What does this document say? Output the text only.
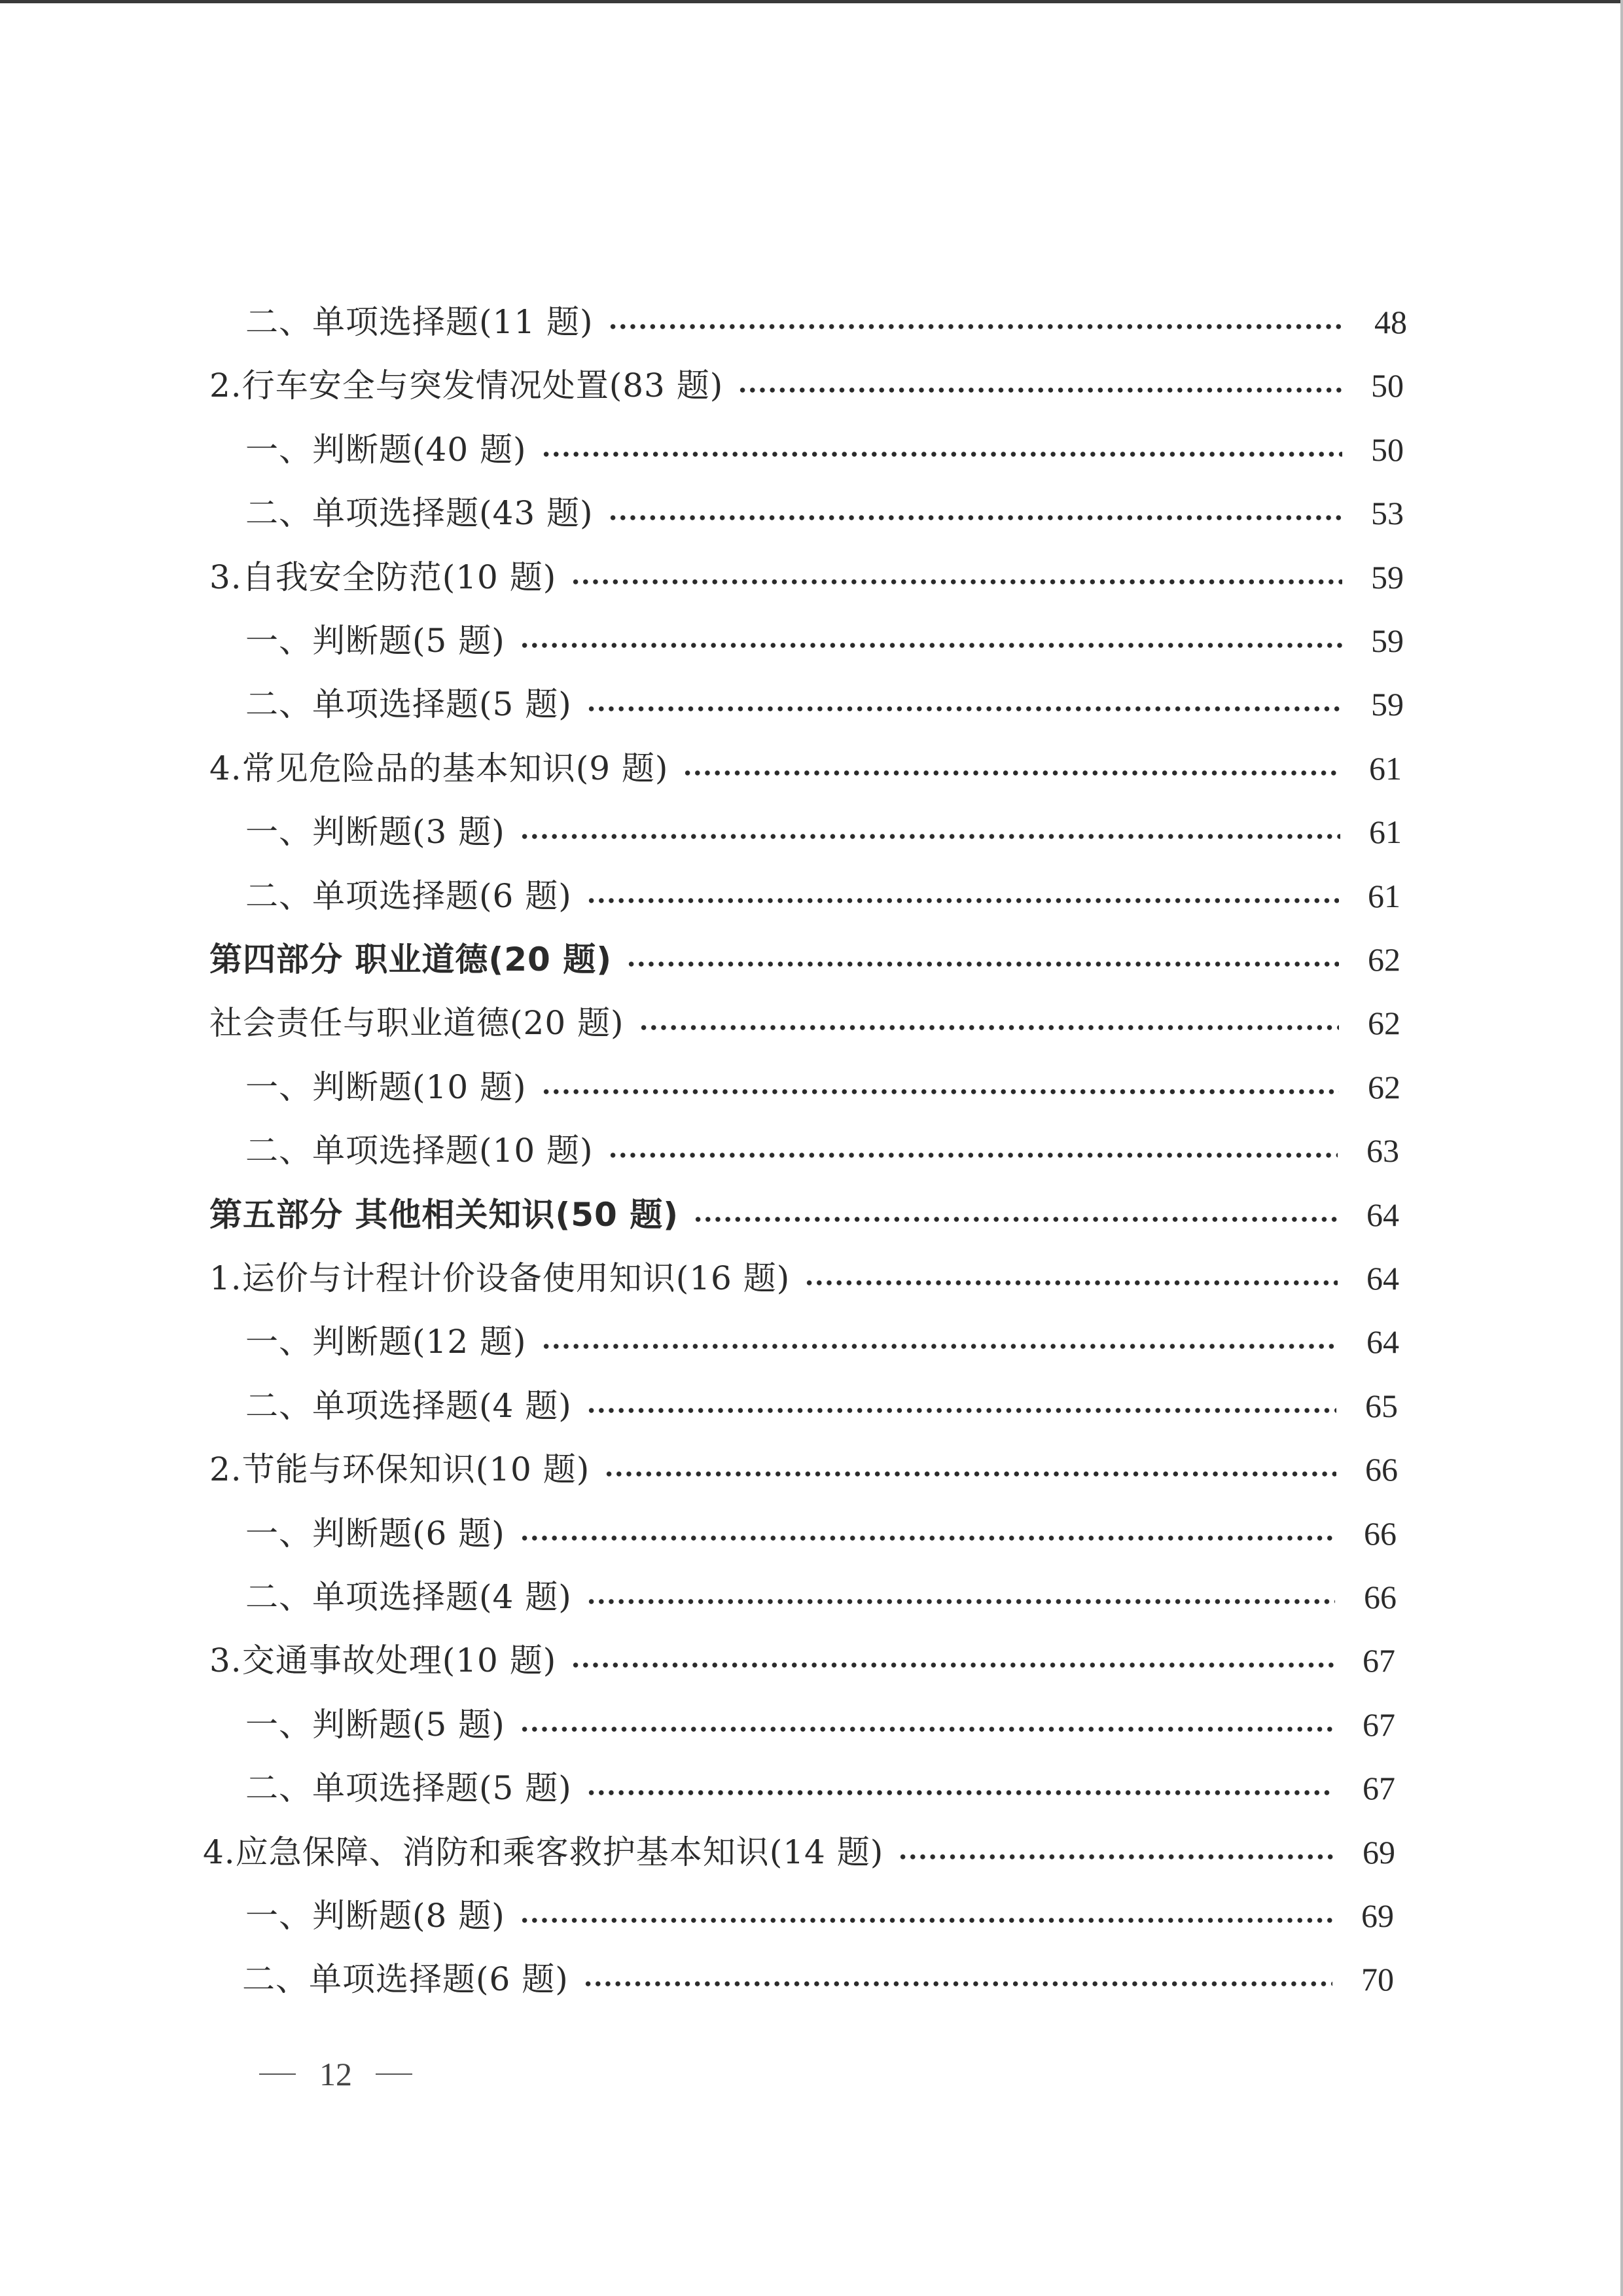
二、单项选择题(11 题)	48
2.行车安全与突发情况处置(83 题)	50
一、判断题(40 题)	50
二、单项选择题(43 题)	53
3.自我安全防范(10 题)	59
一、判断题(5 题)	59
二、单项选择题(5 题)	59
4.常见危险品的基本知识(9 题)	61
一、判断题(3 题)	61
二、单项选择题(6 题)	61
第四部分 职业道德(20 题)	62
社会责任与职业道德(20 题)	62
一、判断题(10 题)	62
二、单项选择题(10 题)	63
第五部分 其他相关知识(50 题)	64
1.运价与计程计价设备使用知识(16 题)	64
一、判断题(12 题)	64
二、单项选择题(4 题)	65
2.节能与环保知识(10 题)	66
一、判断题(6 题)	66
二、单项选择题(4 题)	66
3.交通事故处理(10 题)	67
一、判断题(5 题)	67
二、单项选择题(5 题)	67
4.应急保障、消防和乘客救护基本知识(14 题)	69
一、判断题(8 题)	69
二、单项选择题(6 题)	70
12
